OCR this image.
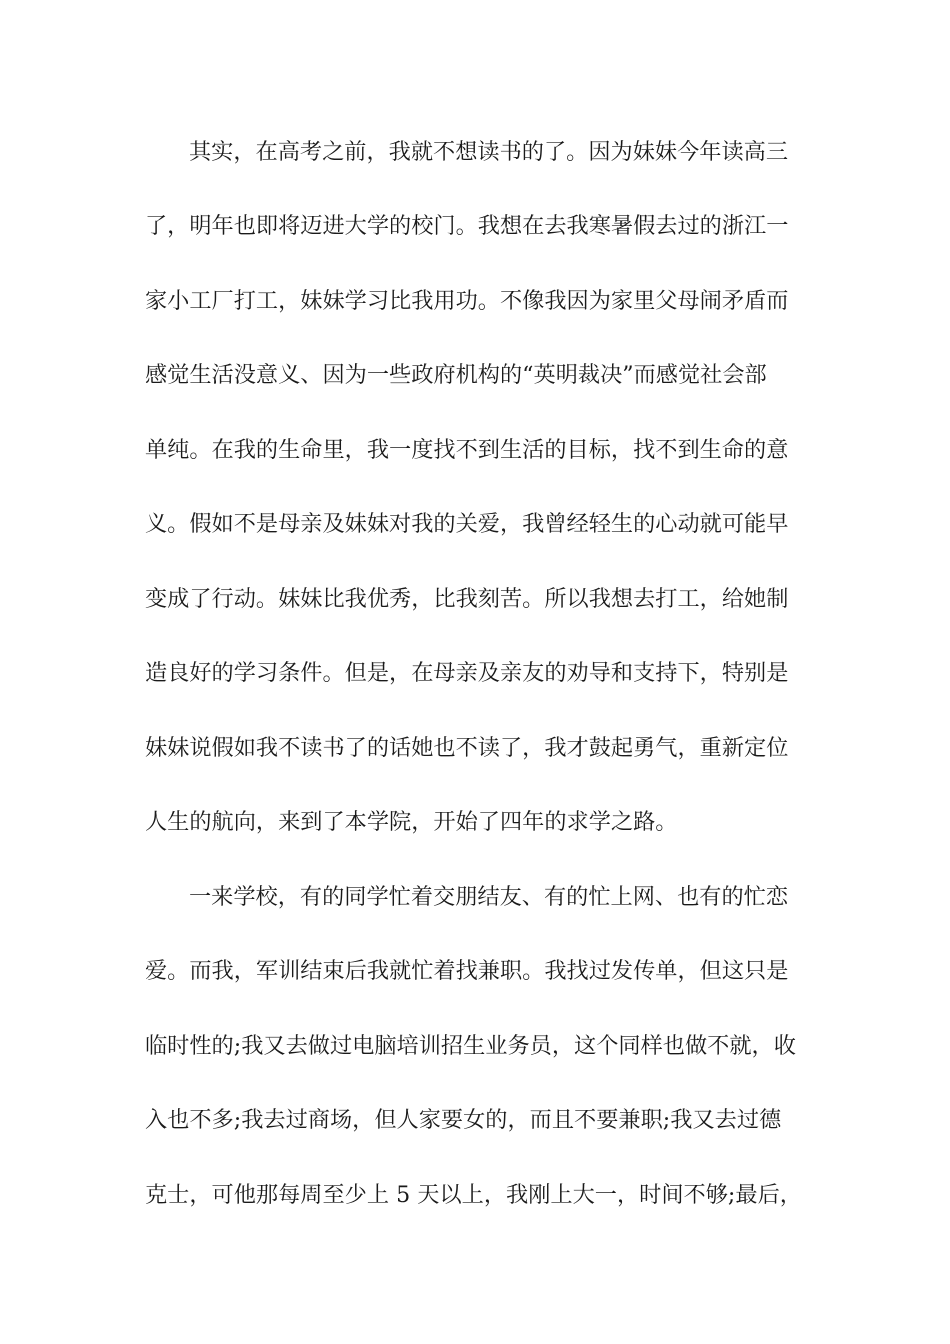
其实，在高考之前，我就不想读书的了。因为妹妹今年读高三
了，明年也即将迈进大学的校门。我想在去我寒暑假去过的浙江一
家小工厂打工，妹妹学习比我用功。不像我因为家里父母闹矛盾而
感觉生活没意义、因为一些政府机构的“英明裁决”而感觉社会部
单纯。在我的生命里，我一度找不到生活的目标，找不到生命的意
义。假如不是母亲及妹妹对我的关爱，我曾经轻生的心动就可能早
变成了行动。妹妹比我优秀，比我刻苦。所以我想去打工，给她制
造良好的学习条件。但是，在母亲及亲友的劝导和支持下，特别是
妹妹说假如我不读书了的话她也不读了，我才鼓起勇气，重新定位
人生的航向，来到了本学院，开始了四年的求学之路。
一来学校，有的同学忙着交朋结友、有的忙上网、也有的忙恋
爱。而我，军训结束后我就忙着找兼职。我找过发传单，但这只是
临时性的;我又去做过电脑培训招生业务员，这个同样也做不就，收
入也不多;我去过商场，但人家要女的，而且不要兼职;我又去过德
克士，可他那每周至少上 5 天以上，我刚上大一，时间不够;最后，
